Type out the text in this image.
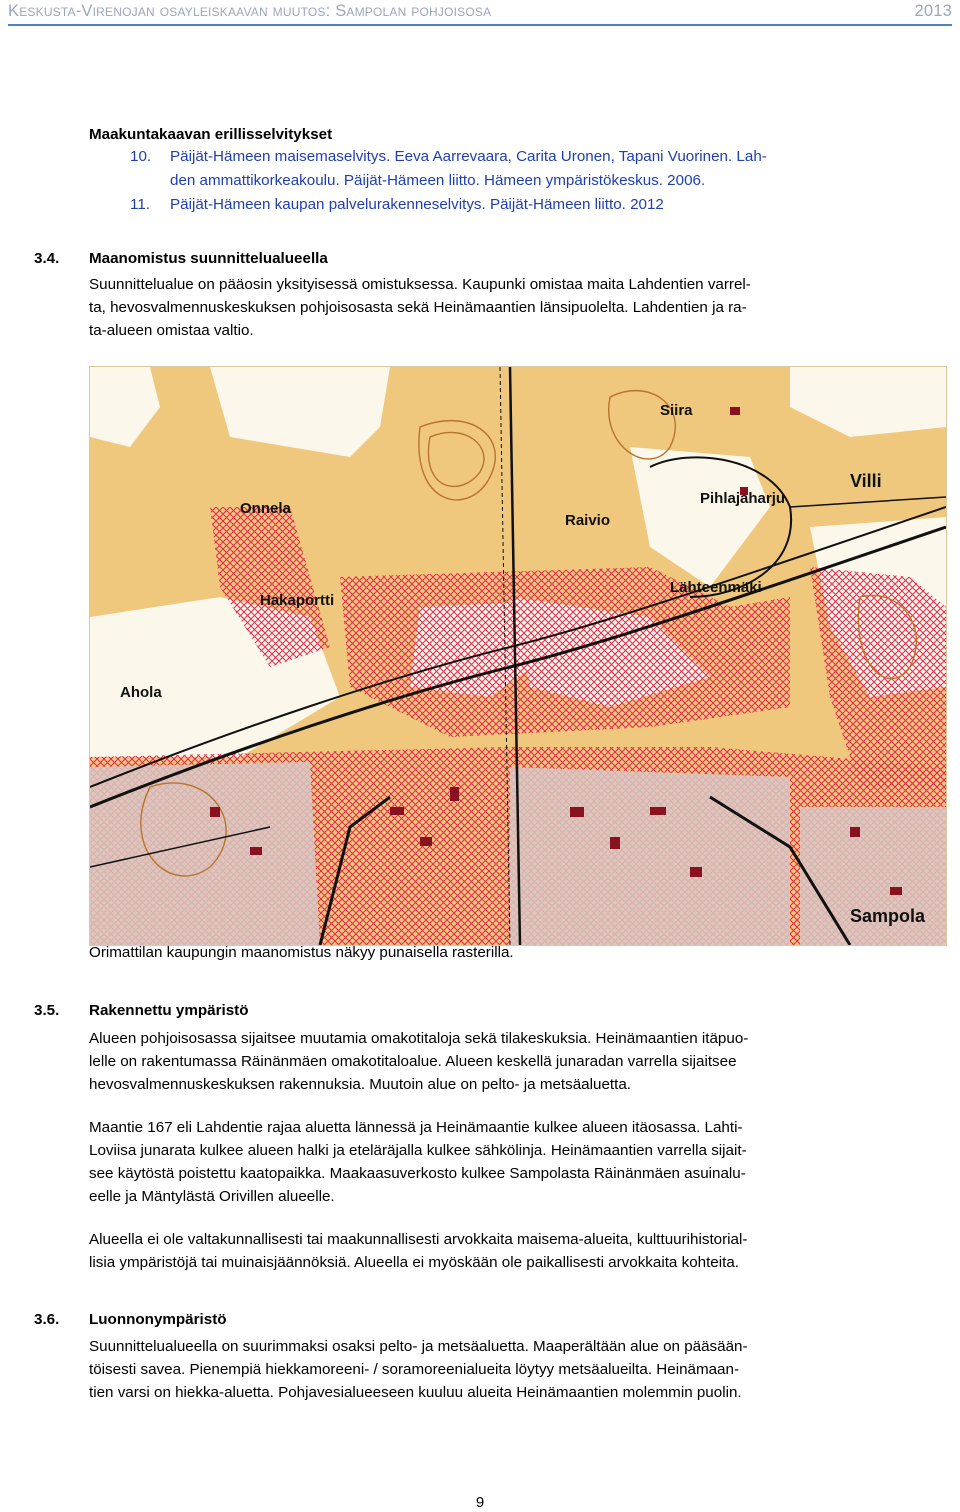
Keskusta-Virenojan osayleiskaavan muutos: Sampolan pohjoisosa	2013
Maakuntakaavan erillisselvitykset
10. Päijät-Hämeen maisemaselvitys. Eeva Aarrevaara, Carita Uronen, Tapani Vuorinen. Lah-
den ammattikorkeakoulu. Päijät-Hämeen liitto. Hämeen ympäristökeskus. 2006.
11. Päijät-Hämeen kaupan palvelurakenneselvitys. Päijät-Hämeen liitto. 2012
3.4. Maanomistus suunnittelualueella
Suunnittelualue on pääosin yksityisessä omistuksessa. Kaupunki omistaa maita Lahdentien varrel-
ta, hevosvalmennuskeskuksen pohjoisosasta sekä Heinämaantien länsipuolelta. Lahdentien ja ra-
ta-alueen omistaa valtio.
Siira
Villi
Onnela
Pihlajaharju
Raivio
Hakaportti
Lähteenmäki
Ahola
Sampola
Orimattilan kaupungin maanomistus näkyy punaisella rasterilla.
3.5. Rakennettu ympäristö
Alueen pohjoisosassa sijaitsee muutamia omakotitaloja sekä tilakeskuksia. Heinämaantien itäpuo-
lelle on rakentumassa Räinänmäen omakotitaloalue. Alueen keskellä junaradan varrella sijaitsee
hevosvalmennuskeskuksen rakennuksia. Muutoin alue on pelto- ja metsäaluetta.
Maantie 167 eli Lahdentie rajaa aluetta lännessä ja Heinämaantie kulkee alueen itäosassa. Lahti-
Loviisa junarata kulkee alueen halki ja eteläräjalla kulkee sähkölinja. Heinämaantien varrella sijait-
see käytöstä poistettu kaatopaikka. Maakaasuverkosto kulkee Sampolasta Räinänmäen asuinalu-
eelle ja Mäntylästä Orivillen alueelle.
Alueella ei ole valtakunnallisesti tai maakunnallisesti arvokkaita maisema-alueita, kulttuurihistorial-
lisia ympäristöjä tai muinaisjäännöksiä. Alueella ei myöskään ole paikallisesti arvokkaita kohteita.
3.6. Luonnonympäristö
Suunnittelualueella on suurimmaksi osaksi pelto- ja metsäaluetta. Maaperältään alue on pääsään-
töisesti savea. Pienempiä hiekkamoreeni- / soramoreenialueita löytyy metsäalueilta. Heinämaan-
tien varsi on hiekka-aluetta. Pohjavesialueeseen kuuluu alueita Heinämaantien molemmin puolin.
9
